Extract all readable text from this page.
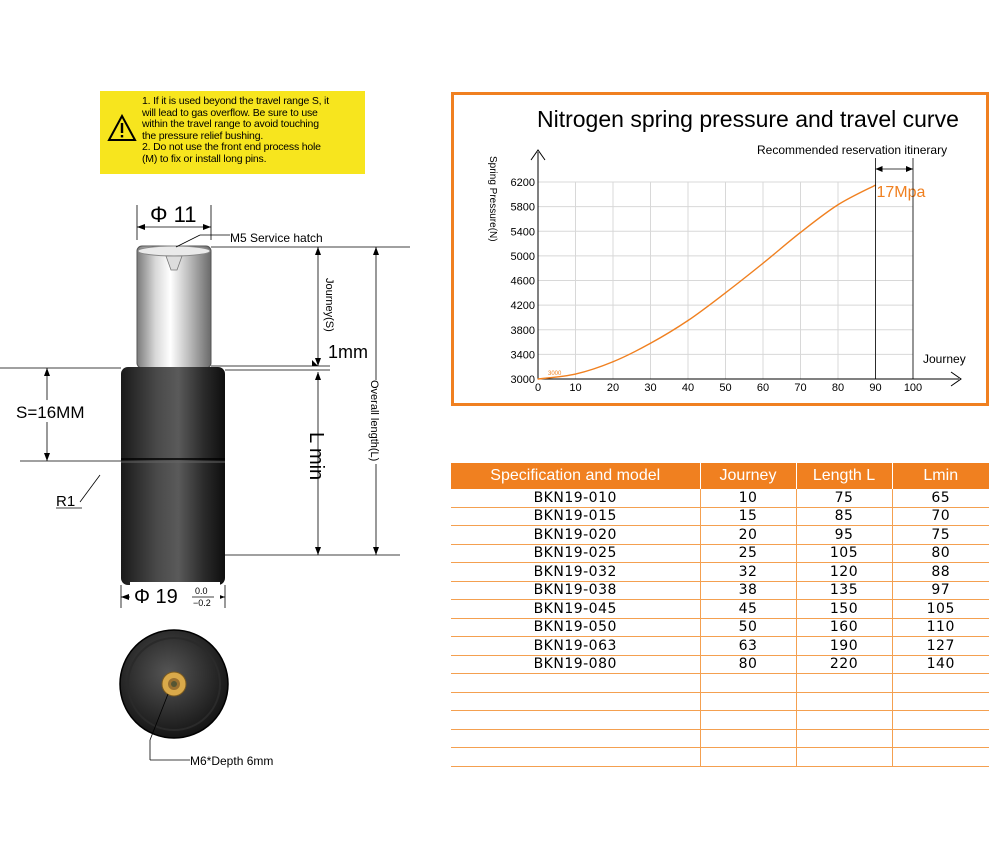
1. If it is used beyond the travel range S, it
will lead to gas overflow. Be sure to use
within the travel range to avoid touching
the pressure relief bushing.
2. Do not use the front end process hole
(M) to fix or install long pins.
Φ 11
M5 Service hatch
Journey(S)
1mm
L min	Overall length(L)
S=16MM
R1
Φ 19 0.0
−0.2
M6*Depth 6mm
Nitrogen spring pressure and travel curve
Spring Pressure(N)
0	10 20 30 40 50 60 70 80 90 100
3000
3400
3800
4200
4600
5000
5400
5800
6200
Journey
Recommended reservation itinerary
17Mpa
3000
Specification and model	Journey	Length L	Lmin
BKN19-010	10	75	65
BKN19-015	15	85	70
BKN19-020	20	95	75
BKN19-025	25	105	80
BKN19-032	32	120	88
BKN19-038	38	135	97
BKN19-045	45	150	105
BKN19-050	50	160	110
BKN19-063	63	190	127
BKN19-080	80	220	140
